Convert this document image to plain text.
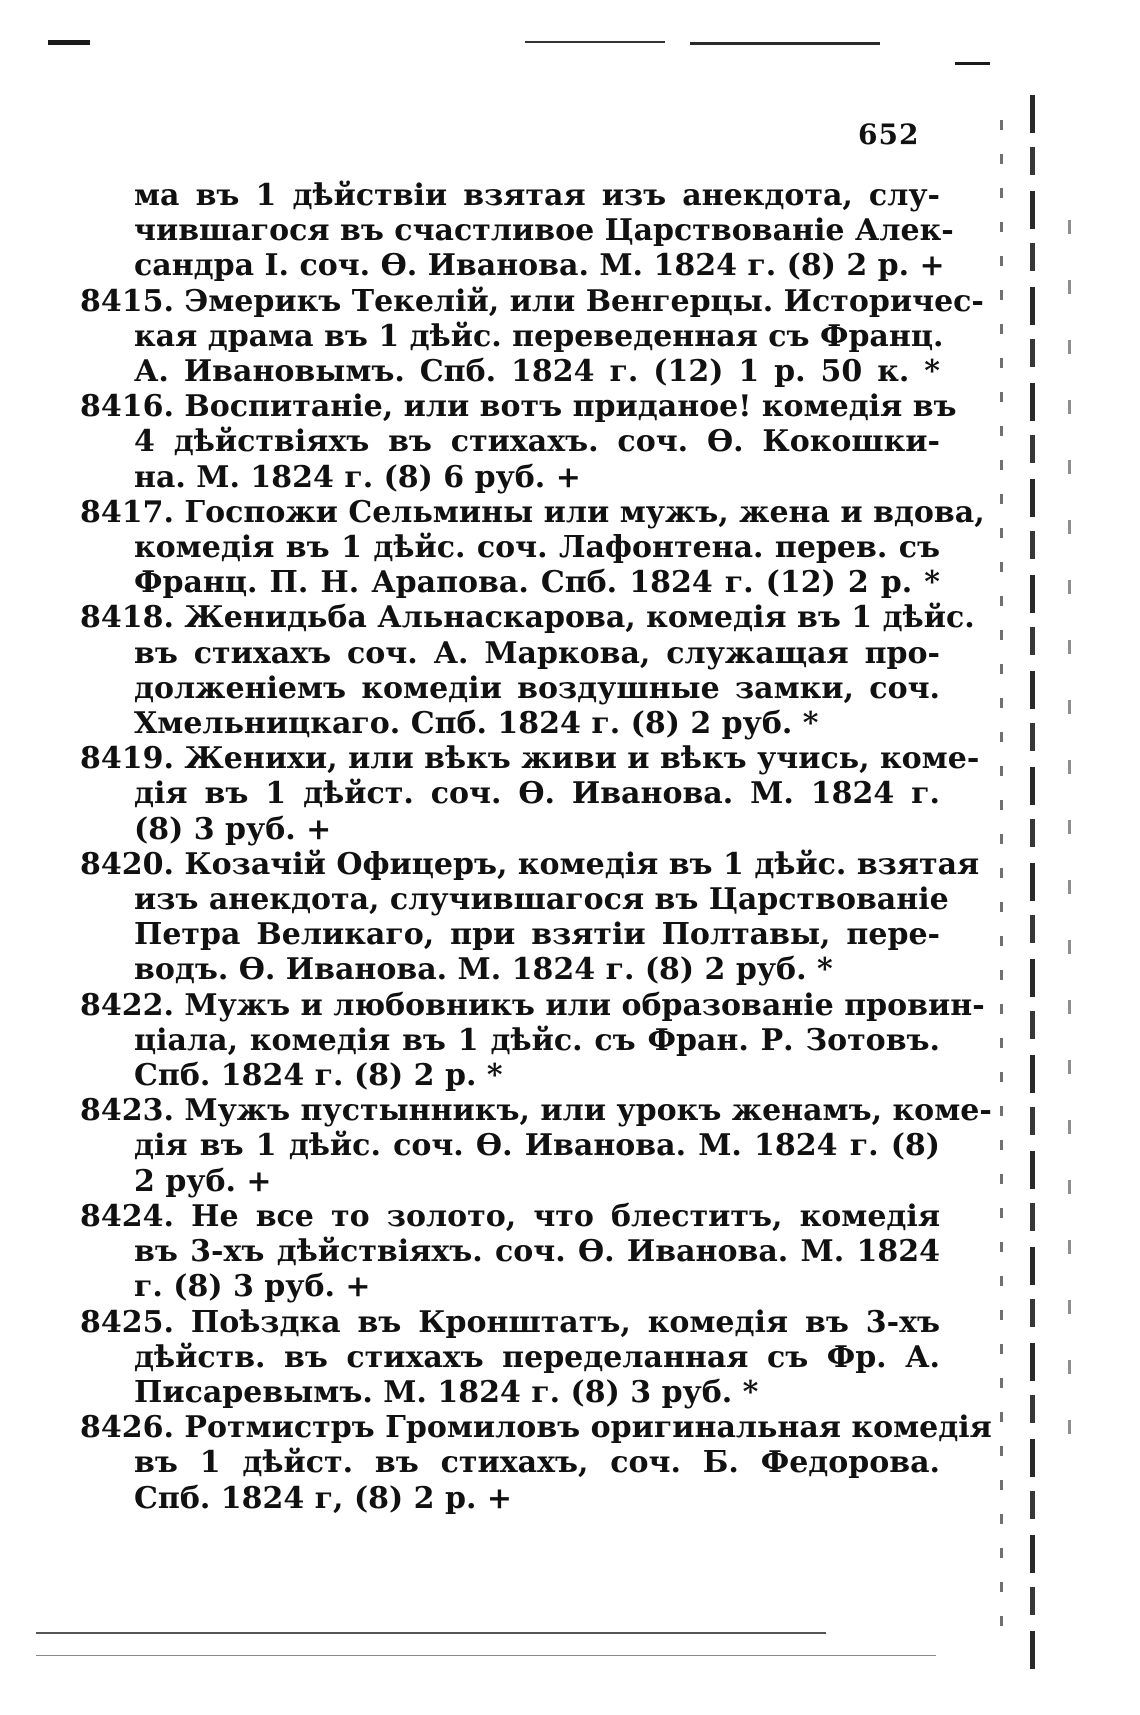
652
ма въ 1 дѣйствіи взятая изъ анекдота, слу-
чившагося въ счастливое Царствованіе Алек-
сандра I. соч. Ө. Иванова. М. 1824 г. (8) 2 р. +
8415. Эмерикъ Текелій, или Венгерцы. Историчес-
кая драма въ 1 дѣйс. переведенная съ Франц.
А. Ивановымъ. Спб. 1824 г. (12) 1 р. 50 к. *
8416. Воспитаніе, или вотъ приданое! комедія въ
4 дѣйствіяхъ въ стихахъ. соч. Ө. Кокошки-
на. М. 1824 г. (8) 6 руб. +
8417. Госпожи Сельмины или мужъ, жена и вдова,
комедія въ 1 дѣйс. соч. Лафонтена. перев. съ
Франц. П. Н. Арапова. Спб. 1824 г. (12) 2 р. *
8418. Женидьба Альнаскарова, комедія въ 1 дѣйс.
въ стихахъ соч. А. Маркова, служащая про-
долженіемъ комедіи воздушные замки, соч.
Хмельницкаго. Спб. 1824 г. (8) 2 руб. *
8419. Женихи, или вѣкъ живи и вѣкъ учись, коме-
дія въ 1 дѣйст. соч. Ө. Иванова. М. 1824 г.
(8) 3 руб. +
8420. Козачій Офицеръ, комедія въ 1 дѣйс. взятая
изъ анекдота, случившагося въ Царствованіе
Петра Великаго, при взятіи Полтавы, пере-
водъ. Ө. Иванова. М. 1824 г. (8) 2 руб. *
8422. Мужъ и любовникъ или образованіе провин-
ціала, комедія въ 1 дѣйс. съ Фран. Р. Зотовъ.
Спб. 1824 г. (8) 2 р. *
8423. Мужъ пустынникъ, или урокъ женамъ, коме-
дія въ 1 дѣйс. соч. Ө. Иванова. М. 1824 г. (8)
2 руб. +
8424. Не все то золото, что блеститъ, комедія
въ 3-хъ дѣйствіяхъ. соч. Ө. Иванова. М. 1824
г. (8) 3 руб. +
8425. Поѣздка въ Кронштатъ, комедія въ 3-хъ
дѣйств. въ стихахъ переделанная съ Фр. А.
Писаревымъ. М. 1824 г. (8) 3 руб. *
8426. Ротмистръ Громиловъ оригинальная комедія
въ 1 дѣйст. въ стихахъ, соч. Б. Федорова.
Спб. 1824 г, (8) 2 р. +
